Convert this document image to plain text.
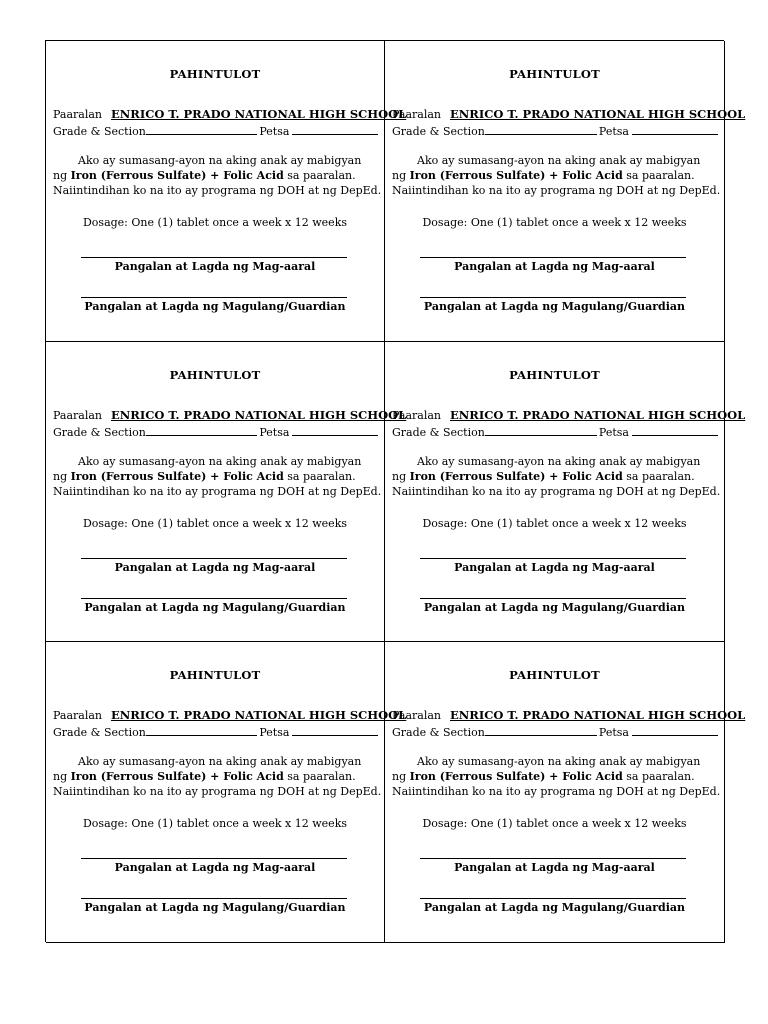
PAHINTULOT
Paaralan ENRICO T. PRADO NATIONAL HIGH SCHOOL
Grade & Section	Petsa
Ako ay sumasang-ayon na aking anak ay mabigyan
ng Iron (Ferrous Sulfate) + Folic Acid sa paaralan.
Naiintindihan ko na ito ay programa ng DOH at ng DepEd.
Dosage: One (1) tablet once a week x 12 weeks
Pangalan at Lagda ng Mag-aaral
Pangalan at Lagda ng Magulang/Guardian
PAHINTULOT
Paaralan ENRICO T. PRADO NATIONAL HIGH SCHOOL
Grade & Section	Petsa
Ako ay sumasang-ayon na aking anak ay mabigyan
ng Iron (Ferrous Sulfate) + Folic Acid sa paaralan.
Naiintindihan ko na ito ay programa ng DOH at ng DepEd.
Dosage: One (1) tablet once a week x 12 weeks
Pangalan at Lagda ng Mag-aaral
Pangalan at Lagda ng Magulang/Guardian
PAHINTULOT
Paaralan ENRICO T. PRADO NATIONAL HIGH SCHOOL
Grade & Section	Petsa
Ako ay sumasang-ayon na aking anak ay mabigyan
ng Iron (Ferrous Sulfate) + Folic Acid sa paaralan.
Naiintindihan ko na ito ay programa ng DOH at ng DepEd.
Dosage: One (1) tablet once a week x 12 weeks
Pangalan at Lagda ng Mag-aaral
Pangalan at Lagda ng Magulang/Guardian
PAHINTULOT
Paaralan ENRICO T. PRADO NATIONAL HIGH SCHOOL
Grade & Section	Petsa
Ako ay sumasang-ayon na aking anak ay mabigyan
ng Iron (Ferrous Sulfate) + Folic Acid sa paaralan.
Naiintindihan ko na ito ay programa ng DOH at ng DepEd.
Dosage: One (1) tablet once a week x 12 weeks
Pangalan at Lagda ng Mag-aaral
Pangalan at Lagda ng Magulang/Guardian
PAHINTULOT
Paaralan ENRICO T. PRADO NATIONAL HIGH SCHOOL
Grade & Section	Petsa
Ako ay sumasang-ayon na aking anak ay mabigyan
ng Iron (Ferrous Sulfate) + Folic Acid sa paaralan.
Naiintindihan ko na ito ay programa ng DOH at ng DepEd.
Dosage: One (1) tablet once a week x 12 weeks
Pangalan at Lagda ng Mag-aaral
Pangalan at Lagda ng Magulang/Guardian
PAHINTULOT
Paaralan ENRICO T. PRADO NATIONAL HIGH SCHOOL
Grade & Section	Petsa
Ako ay sumasang-ayon na aking anak ay mabigyan
ng Iron (Ferrous Sulfate) + Folic Acid sa paaralan.
Naiintindihan ko na ito ay programa ng DOH at ng DepEd.
Dosage: One (1) tablet once a week x 12 weeks
Pangalan at Lagda ng Mag-aaral
Pangalan at Lagda ng Magulang/Guardian
